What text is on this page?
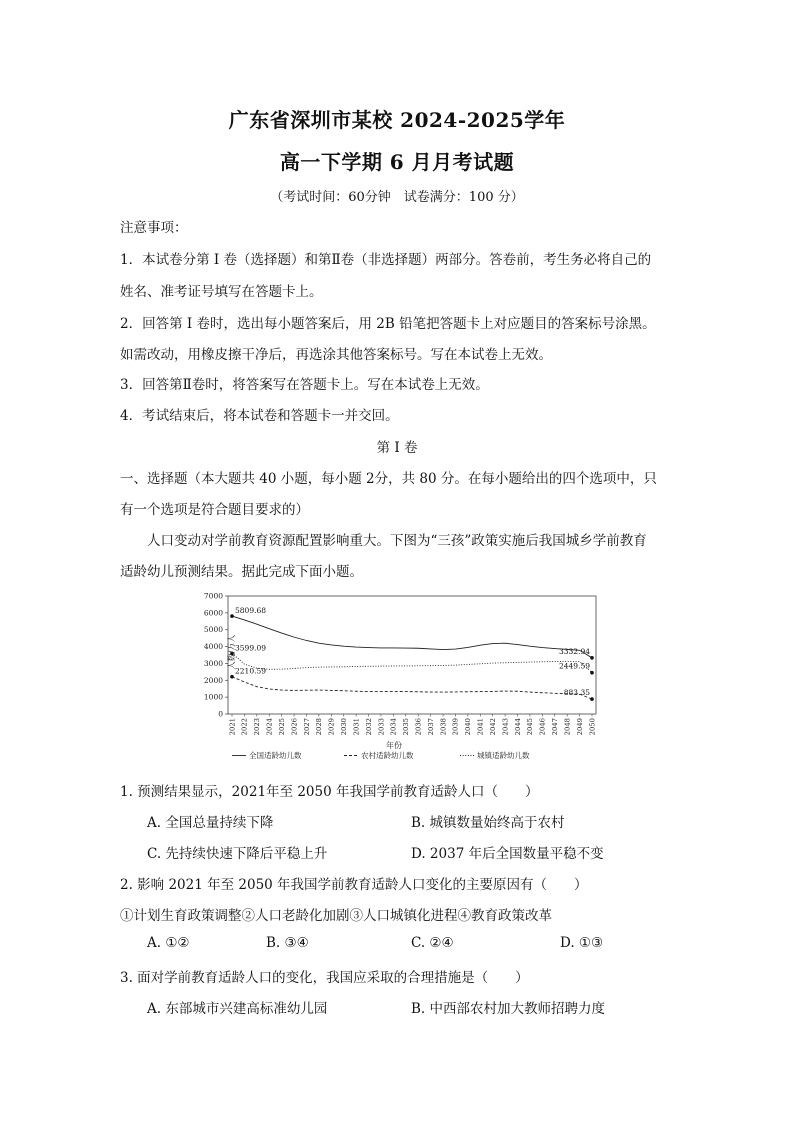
广东省深圳市某校 2024-2025学年
高一下学期 6 月月考试题
（考试时间：60分钟　试卷满分：100 分）
注意事项：
1．本试卷分第 I 卷（选择题）和第Ⅱ卷（非选择题）两部分。答卷前，考生务必将自己的
姓名、准考证号填写在答题卡上。
2．回答第 I 卷时，选出每小题答案后，用 2B 铅笔把答题卡上对应题目的答案标号涂黑。
如需改动，用橡皮擦干净后，再选涂其他答案标号。写在本试卷上无效。
3．回答第Ⅱ卷时，将答案写在答题卡上。写在本试卷上无效。
4．考试结束后，将本试卷和答题卡一并交回。
第 I 卷
一、选择题（本大题共 40 小题，每小题 2分，共 80 分。在每小题给出的四个选项中，只
有一个选项是符合题目要求的）
人口变动对学前教育资源配置影响重大。下图为“三孩”政策实施后我国城乡学前教育
适龄幼儿预测结果。据此完成下面小题。
0
1000
2000
3000
4000
5000
6000
7000
2021 2022 2023 2024 2025 2026 2027 2028 2029 2030 2031 2032 2033 2034 2035 2036 2037 2038 2039 2040 2041 2042 2043 2044 2045 2046 2047 2048 2049 2050
5809.68
3332.94
3599.09
2449.59
2210.59
883.35
人数/万人
年份
全国适龄幼儿数	农村适龄幼儿数	城镇适龄幼儿数
1. 预测结果显示，2021年至 2050 年我国学前教育适龄人口（　　）
A. 全国总量持续下降	B. 城镇数量始终高于农村
C. 先持续快速下降后平稳上升	D. 2037 年后全国数量平稳不变
2. 影响 2021 年至 2050 年我国学前教育适龄人口变化的主要原因有（　　）
①计划生育政策调整②人口老龄化加剧③人口城镇化进程④教育政策改革
A. ①②	B. ③④	C. ②④	D. ①③
3. 面对学前教育适龄人口的变化，我国应采取的合理措施是（　　）
A. 东部城市兴建高标准幼儿园	B. 中西部农村加大教师招聘力度
